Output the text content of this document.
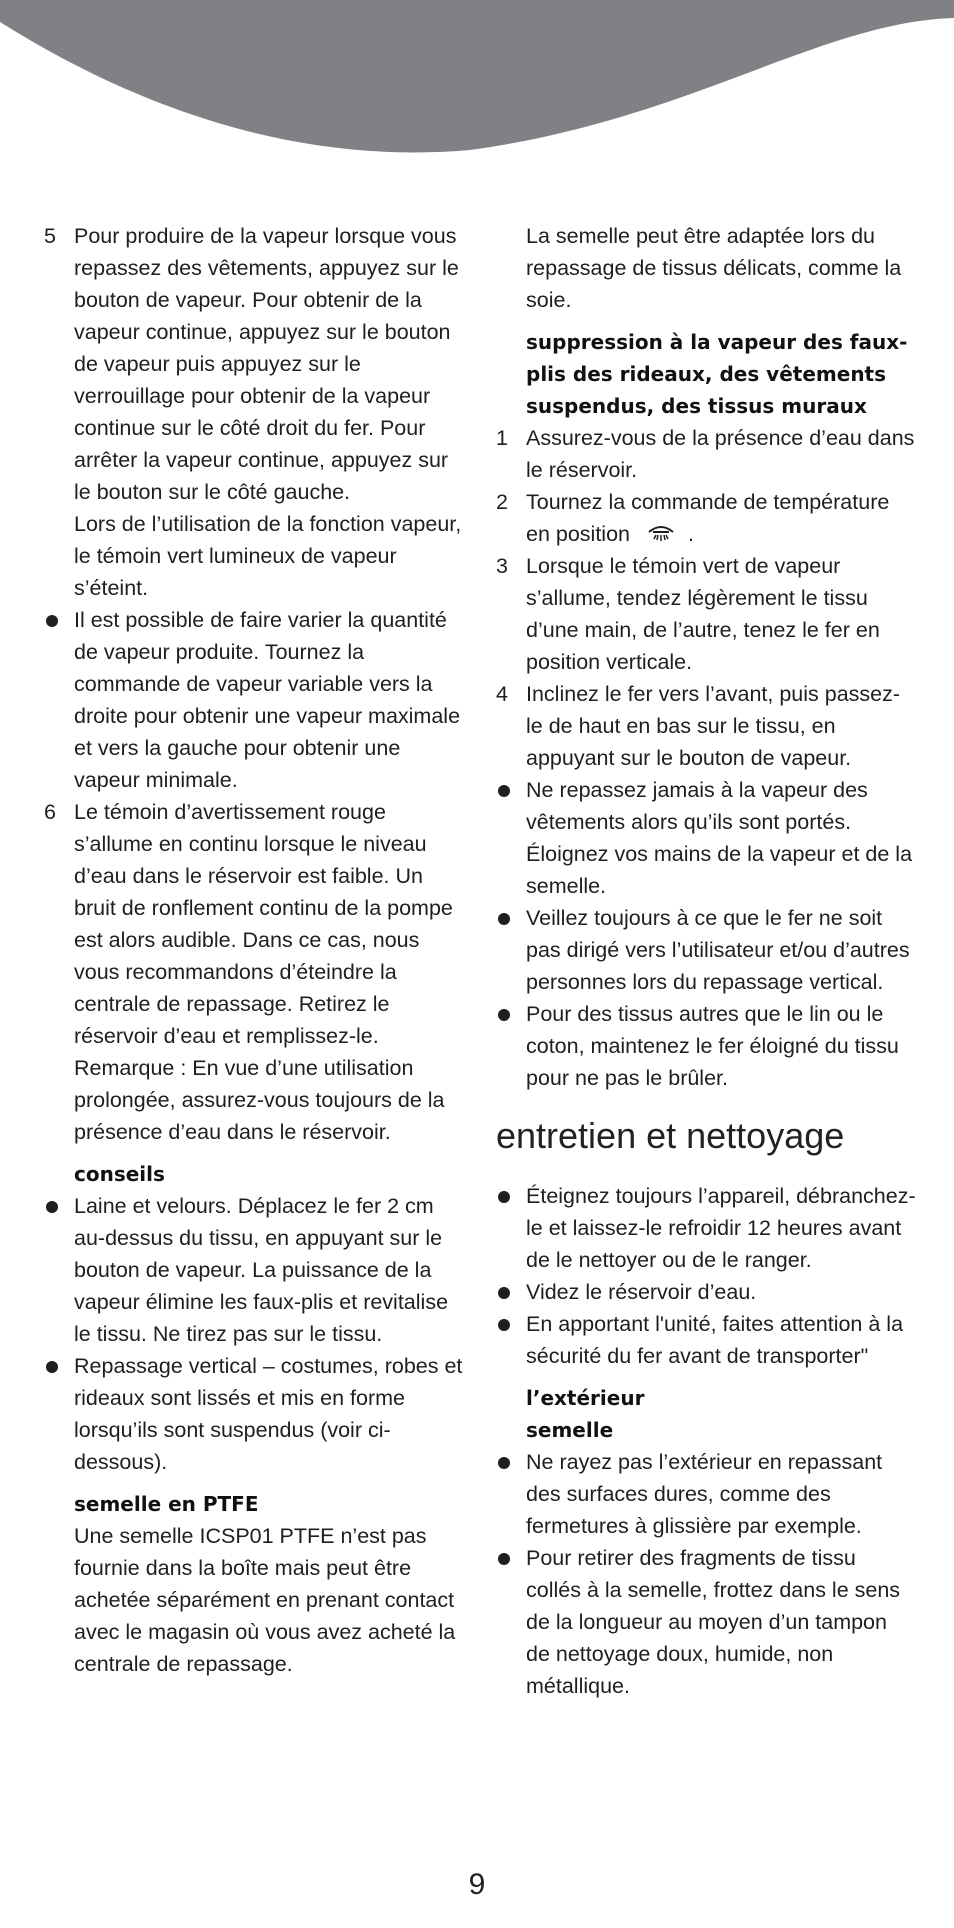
5 Pour produire de la vapeur lorsque vous repassez des vêtements, appuyez sur le bouton de vapeur. Pour obtenir de la vapeur continue, appuyez sur le bouton de vapeur puis appuyez sur le verrouillage pour obtenir de la vapeur continue sur le côté droit du fer. Pour arrêter la vapeur continue, appuyez sur le bouton sur le côté gauche.
Lors de l’utilisation de la fonction vapeur, le témoin vert lumineux de vapeur s’éteint.
Il est possible de faire varier la quantité de vapeur produite. Tournez la commande de vapeur variable vers la droite pour obtenir une vapeur maximale et vers la gauche pour obtenir une vapeur minimale.
6 Le témoin d’avertissement rouge s’allume en continu lorsque le niveau d’eau dans le réservoir est faible. Un bruit de ronflement continu de la pompe est alors audible. Dans ce cas, nous vous recommandons d’éteindre la centrale de repassage. Retirez le réservoir d’eau et remplissez-le.
Remarque : En vue d’une utilisation prolongée, assurez-vous toujours de la présence d’eau dans le réservoir.
conseils
Laine et velours. Déplacez le fer 2 cm au-dessus du tissu, en appuyant sur le bouton de vapeur. La puissance de la vapeur élimine les faux-plis et revitalise le tissu. Ne tirez pas sur le tissu.
Repassage vertical – costumes, robes et rideaux sont lissés et mis en forme lorsqu’ils sont suspendus (voir ci-dessous).
semelle en PTFE
Une semelle ICSP01 PTFE n’est pas fournie dans la boîte mais peut être achetée séparément en prenant contact avec le magasin où vous avez acheté la centrale de repassage.
La semelle peut être adaptée lors du repassage de tissus délicats, comme la soie.
suppression à la vapeur des faux-plis des rideaux, des vêtements suspendus, des tissus muraux
1 Assurez-vous de la présence d’eau dans le réservoir.
2 Tournez la commande de température en position	.
3 Lorsque le témoin vert de vapeur s’allume, tendez légèrement le tissu d’une main, de l’autre, tenez le fer en position verticale.
4 Inclinez le fer vers l’avant, puis passez-le de haut en bas sur le tissu, en appuyant sur le bouton de vapeur.
Ne repassez jamais à la vapeur des vêtements alors qu’ils sont portés. Éloignez vos mains de la vapeur et de la semelle.
Veillez toujours à ce que le fer ne soit pas dirigé vers l’utilisateur et/ou d’autres personnes lors du repassage vertical.
Pour des tissus autres que le lin ou le coton, maintenez le fer éloigné du tissu pour ne pas le brûler.
entretien et nettoyage
Éteignez toujours l’appareil, débranchez-le et laissez-le refroidir 12 heures avant de le nettoyer ou de le ranger.
Videz le réservoir d’eau.
En apportant l'unité, faites attention à la sécurité du fer avant de transporter"
l’extérieur
semelle
Ne rayez pas l’extérieur en repassant des surfaces dures, comme des fermetures à glissière par exemple.
Pour retirer des fragments de tissu collés à la semelle, frottez dans le sens de la longueur au moyen d’un tampon de nettoyage doux, humide, non métallique.
9
